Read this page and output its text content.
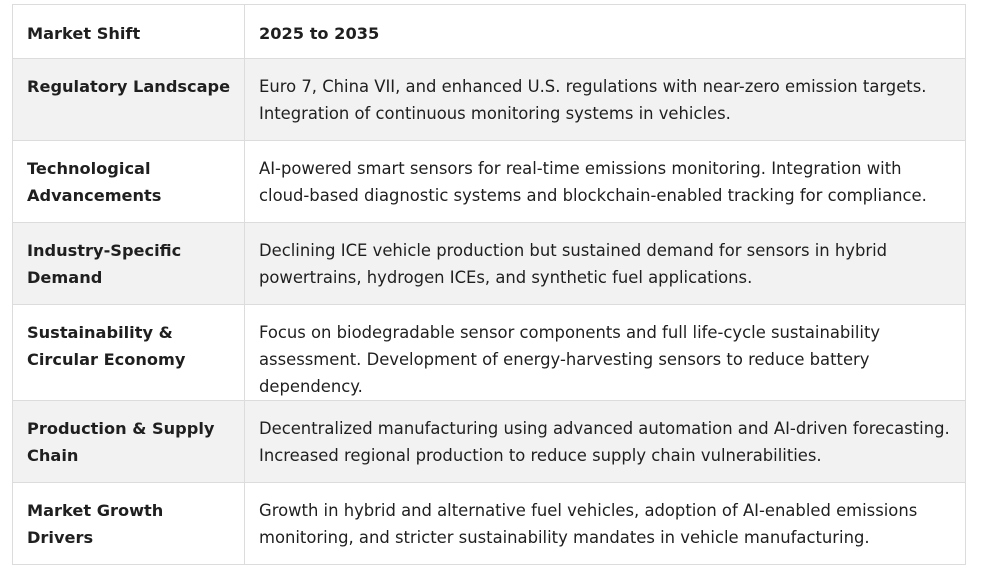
Market Shift	2025 to 2035

Regulatory Landscape	Euro 7, China VII, and enhanced U.S. regulations with near-zero emission targets. Integration of continuous monitoring systems in vehicles.

Technological Advancements	AI-powered smart sensors for real-time emissions monitoring. Integration with cloud-based diagnostic systems and blockchain-enabled tracking for compliance.

Industry-Specific Demand	Declining ICE vehicle production but sustained demand for sensors in hybrid powertrains, hydrogen ICEs, and synthetic fuel applications.

Sustainability & Circular Economy	Focus on biodegradable sensor components and full life-cycle sustainability assessment. Development of energy-harvesting sensors to reduce battery dependency.

Production & Supply Chain	Decentralized manufacturing using advanced automation and AI-driven forecasting. Increased regional production to reduce supply chain vulnerabilities.

Market Growth Drivers	Growth in hybrid and alternative fuel vehicles, adoption of AI-enabled emissions monitoring, and stricter sustainability mandates in vehicle manufacturing.
